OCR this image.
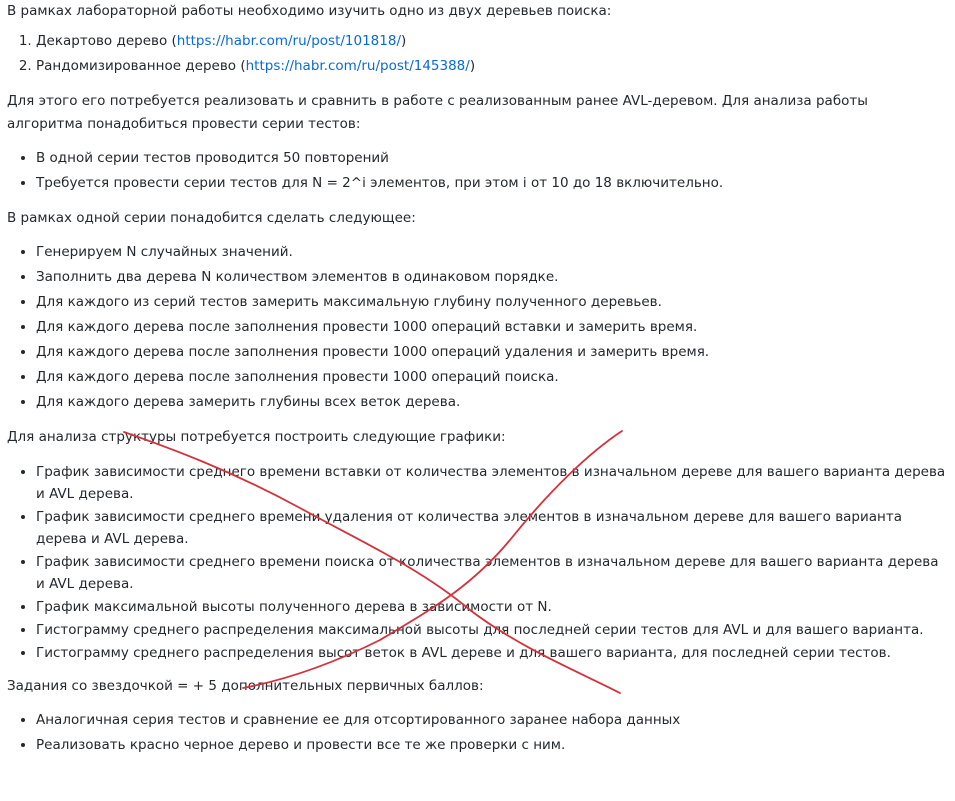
В рамках лабораторной работы необходимо изучить одно из двух деревьев поиска:

1. Декартово дерево (https://habr.com/ru/post/101818/)
2. Рандомизированное дерево (https://habr.com/ru/post/145388/)

Для этого его потребуется реализовать и сравнить в работе с реализованным ранее AVL-деревом. Для анализа работы алгоритма понадобиться провести серии тестов:

• В одной серии тестов проводится 50 повторений
• Требуется провести серии тестов для N = 2^i элементов, при этом i от 10 до 18 включительно.

В рамках одной серии понадобится сделать следующее:

• Генерируем N случайных значений.
• Заполнить два дерева N количеством элементов в одинаковом порядке.
• Для каждого из серий тестов замерить максимальную глубину полученного деревьев.
• Для каждого дерева после заполнения провести 1000 операций вставки и замерить время.
• Для каждого дерева после заполнения провести 1000 операций удаления и замерить время.
• Для каждого дерева после заполнения провести 1000 операций поиска.
• Для каждого дерева замерить глубины всех веток дерева.

Для анализа структуры потребуется построить следующие графики:

• График зависимости среднего времени вставки от количества элементов в изначальном дереве для вашего варианта дерева и AVL дерева.
• График зависимости среднего времени удаления от количества элементов в изначальном дереве для вашего варианта дерева и AVL дерева.
• График зависимости среднего времени поиска от количества элементов в изначальном дереве для вашего варианта дерева и AVL дерева.
• График максимальной высоты полученного дерева в зависимости от N.
• Гистограмму среднего распределения максимальной высоты для последней серии тестов для AVL и для вашего варианта.
• Гистограмму среднего распределения высот веток в AVL дереве и для вашего варианта, для последней серии тестов.

Задания со звездочкой = + 5 дополнительных первичных баллов:

• Аналогичная серия тестов и сравнение ее для отсортированного заранее набора данных
• Реализовать красно черное дерево и провести все те же проверки с ним.
